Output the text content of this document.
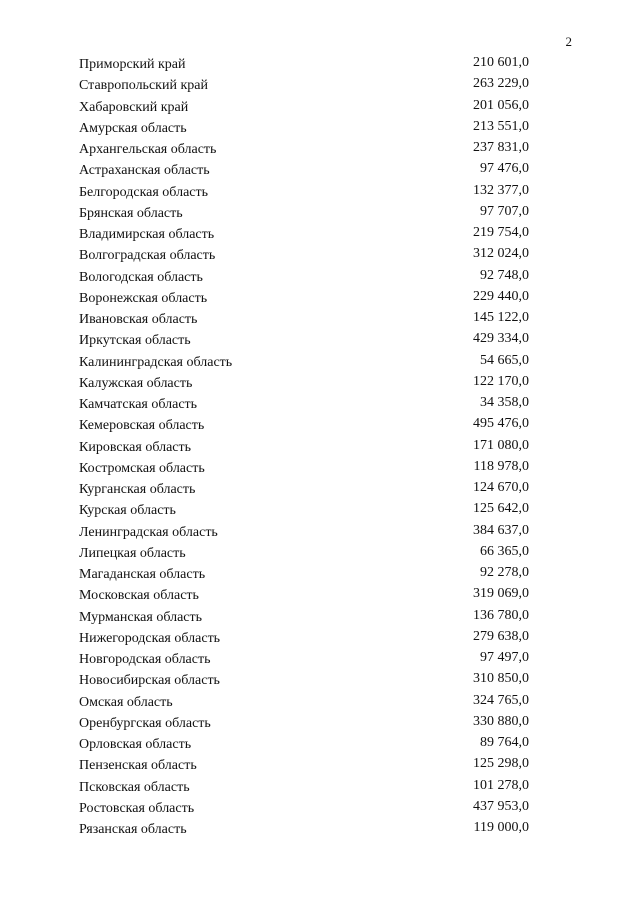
2
Приморский край	210 601,0
Ставропольский край	263 229,0
Хабаровский край	201 056,0
Амурская область	213 551,0
Архангельская область	237 831,0
Астраханская область	97 476,0
Белгородская область	132 377,0
Брянская область	97 707,0
Владимирская область	219 754,0
Волгоградская область	312 024,0
Вологодская область	92 748,0
Воронежская область	229 440,0
Ивановская область	145 122,0
Иркутская область	429 334,0
Калининградская область	54 665,0
Калужская область	122 170,0
Камчатская область	34 358,0
Кемеровская область	495 476,0
Кировская область	171 080,0
Костромская область	118 978,0
Курганская область	124 670,0
Курская область	125 642,0
Ленинградская область	384 637,0
Липецкая область	66 365,0
Магаданская область	92 278,0
Московская область	319 069,0
Мурманская область	136 780,0
Нижегородская область	279 638,0
Новгородская область	97 497,0
Новосибирская область	310 850,0
Омская область	324 765,0
Оренбургская область	330 880,0
Орловская область	89 764,0
Пензенская область	125 298,0
Псковская область	101 278,0
Ростовская область	437 953,0
Рязанская область	119 000,0
